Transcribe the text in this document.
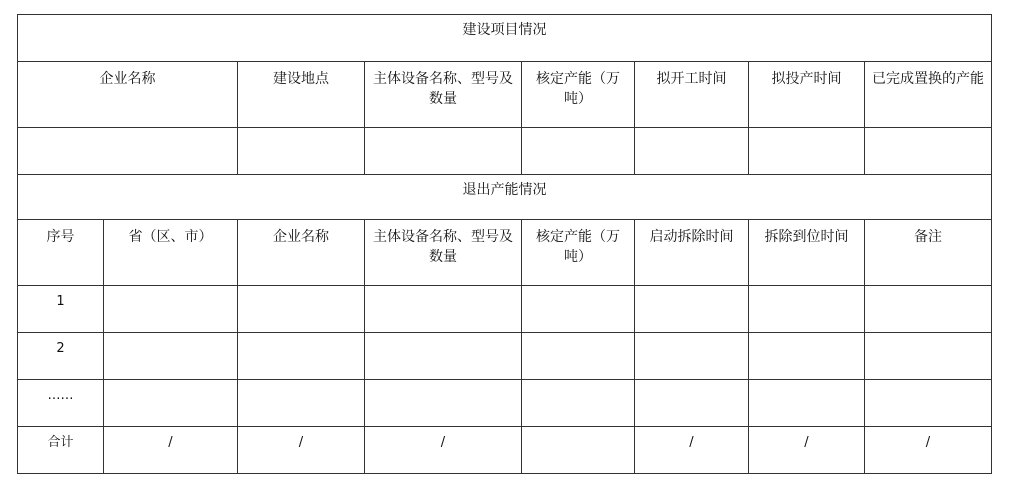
建设项目情况							
企业名称		建设地点	主体设备名称、型号及数量	核定产能（万吨）	拟开工时间	拟投产时间	已完成置换的产能

退出产能情况							
序号	省（区、市）	企业名称	主体设备名称、型号及数量	核定产能（万吨）	启动拆除时间	拆除到位时间	备注
1							
2							
……							
合计	/	/	/		/	/	/
